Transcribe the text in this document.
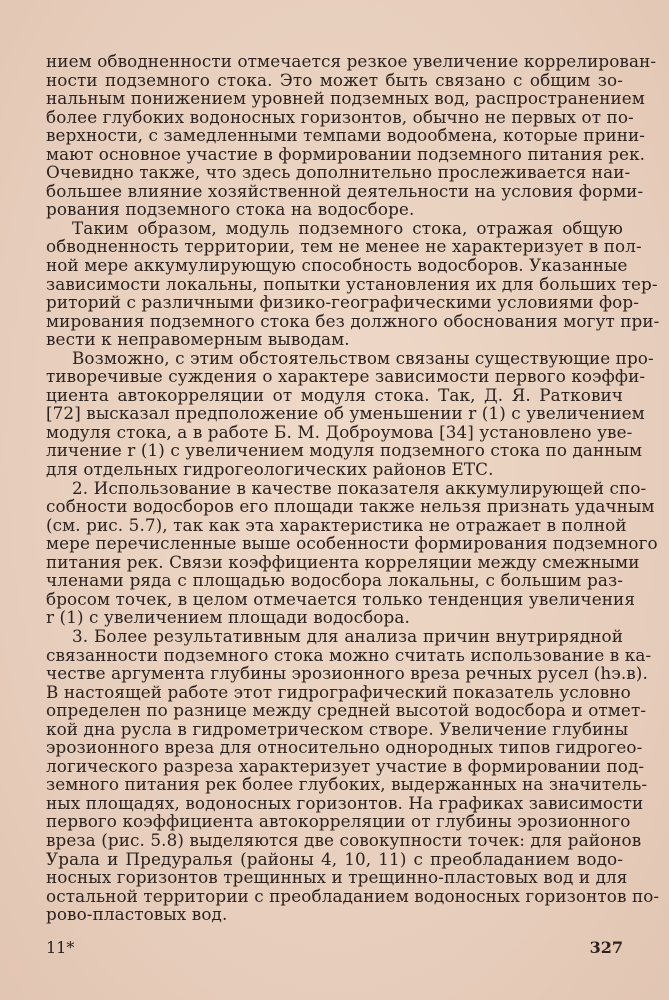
нием обводненности отмечается резкое увеличение коррелирован-
ности подземного стока. Это может быть связано с общим зо-
нальным понижением уровней подземных вод, распространением
более глубоких водоносных горизонтов, обычно не первых от по-
верхности, с замедленными темпами водообмена, которые прини-
мают основное участие в формировании подземного питания рек.
Очевидно также, что здесь дополнительно прослеживается наи-
большее влияние хозяйственной деятельности на условия форми-
рования подземного стока на водосборе.
Таким образом, модуль подземного стока, отражая общую
обводненность территории, тем не менее не характеризует в пол-
ной мере аккумулирующую способность водосборов. Указанные
зависимости локальны, попытки установления их для больших тер-
риторий с различными физико-географическими условиями фор-
мирования подземного стока без должного обоснования могут при-
вести к неправомерным выводам.
Возможно, с этим обстоятельством связаны существующие про-
тиворечивые суждения о характере зависимости первого коэффи-
циента автокорреляции от модуля стока. Так, Д. Я. Раткович
[72] высказал предположение об уменьшении r (1) с увеличением
модуля стока, а в работе Б. М. Доброумова [34] установлено уве-
личение r (1) с увеличением модуля подземного стока по данным
для отдельных гидрогеологических районов ЕТС.
2. Использование в качестве показателя аккумулирующей спо-
собности водосборов его площади также нельзя признать удачным
(см. рис. 5.7), так как эта характеристика не отражает в полной
мере перечисленные выше особенности формирования подземного
питания рек. Связи коэффициента корреляции между смежными
членами ряда с площадью водосбора локальны, с большим раз-
бросом точек, в целом отмечается только тенденция увеличения
r (1) с увеличением площади водосбора.
3. Более результативным для анализа причин внутрирядной
связанности подземного стока можно считать использование в ка-
честве аргумента глубины эрозионного вреза речных русел (hэ.в).
В настоящей работе этот гидрографический показатель условно
определен по разнице между средней высотой водосбора и отмет-
кой дна русла в гидрометрическом створе. Увеличение глубины
эрозионного вреза для относительно однородных типов гидрогео-
логического разреза характеризует участие в формировании под-
земного питания рек более глубоких, выдержанных на значитель-
ных площадях, водоносных горизонтов. На графиках зависимости
первого коэффициента автокорреляции от глубины эрозионного
вреза (рис. 5.8) выделяются две совокупности точек: для районов
Урала и Предуралья (районы 4, 10, 11) с преобладанием водо-
носных горизонтов трещинных и трещинно-пластовых вод и для
остальной территории с преобладанием водоносных горизонтов по-
рово-пластовых вод.
11*	327
